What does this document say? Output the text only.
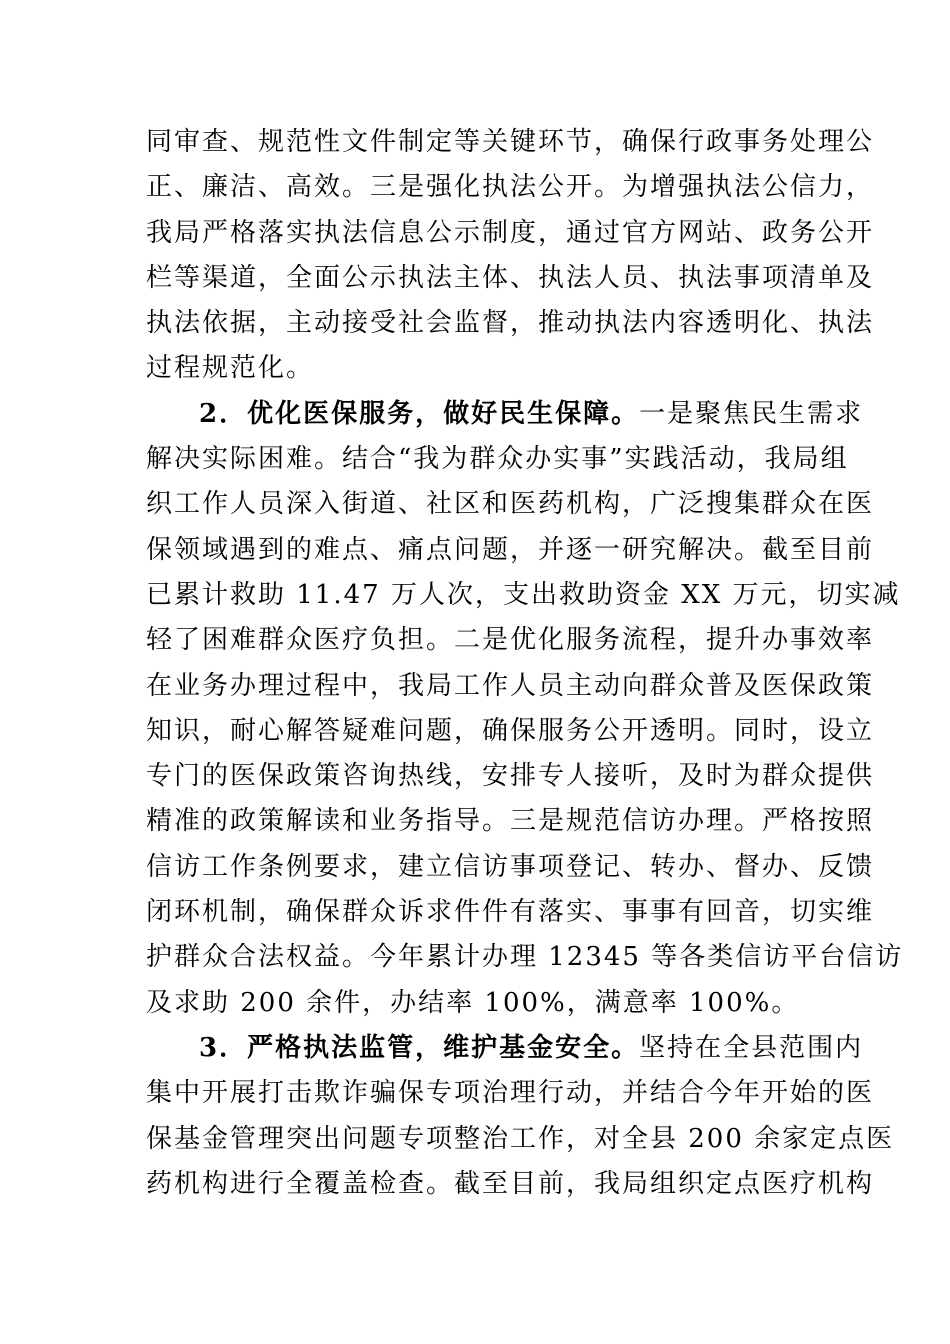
同审查、规范性文件制定等关键环节，确保行政事务处理公

正、廉洁、高效。三是强化执法公开。为增强执法公信力，

我局严格落实执法信息公示制度，通过官方网站、政务公开

栏等渠道，全面公示执法主体、执法人员、执法事项清单及

执法依据，主动接受社会监督，推动执法内容透明化、执法

过程规范化。

2．优化医保服务，做好民生保障。一是聚焦民生需求

解决实际困难。结合“我为群众办实事”实践活动，我局组

织工作人员深入街道、社区和医药机构，广泛搜集群众在医

保领域遇到的难点、痛点问题，并逐一研究解决。截至目前

已累计救助 11.47 万人次，支出救助资金 XX 万元，切实减

轻了困难群众医疗负担。二是优化服务流程，提升办事效率

在业务办理过程中，我局工作人员主动向群众普及医保政策

知识，耐心解答疑难问题，确保服务公开透明。同时，设立

专门的医保政策咨询热线，安排专人接听，及时为群众提供

精准的政策解读和业务指导。三是规范信访办理。严格按照

信访工作条例要求，建立信访事项登记、转办、督办、反馈

闭环机制，确保群众诉求件件有落实、事事有回音，切实维

护群众合法权益。今年累计办理 12345 等各类信访平台信访

及求助 200 余件，办结率 100%，满意率 100%。

3．严格执法监管，维护基金安全。坚持在全县范围内

集中开展打击欺诈骗保专项治理行动，并结合今年开始的医

保基金管理突出问题专项整治工作，对全县 200 余家定点医

药机构进行全覆盖检查。截至目前，我局组织定点医疗机构
